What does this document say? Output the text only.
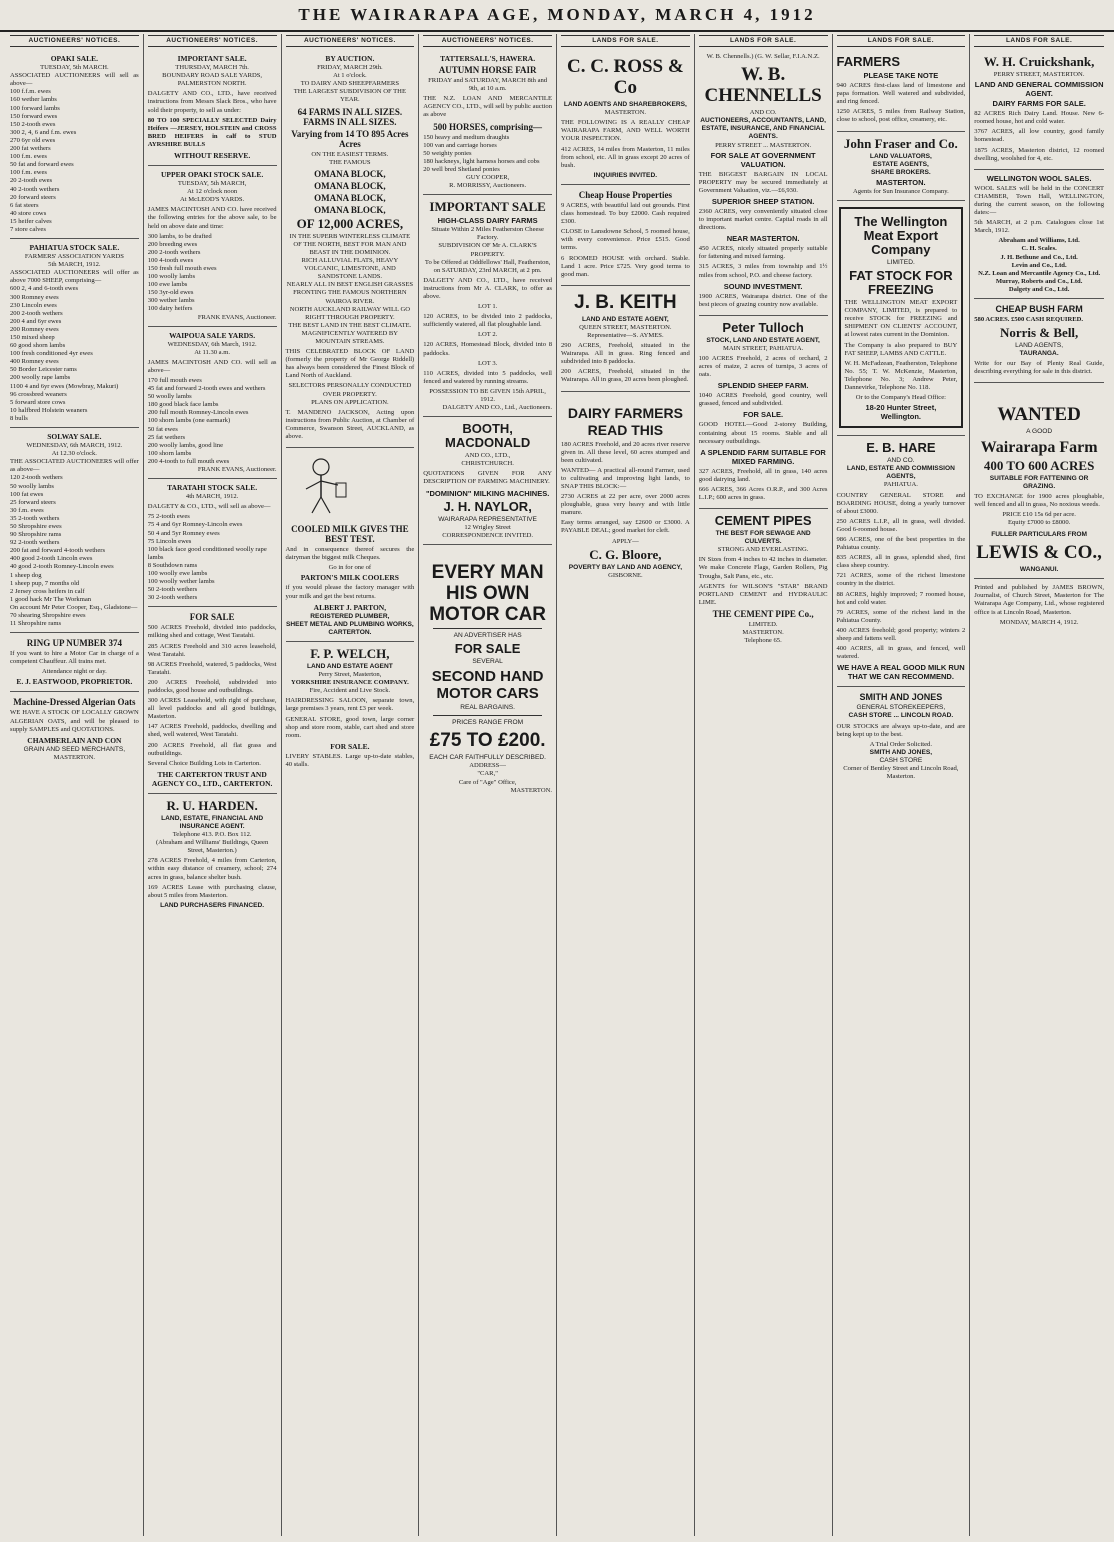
THE WAIRARAPA AGE, MONDAY, MARCH 4, 1912
AUCTIONEERS' NOTICES.
OPAKI SALE.
TUESDAY, 5th MARCH.
ASSOCIATED AUCTIONEERS will sell as above—
100 f.f.m. ewes
160 wether lambs
100 forward lambs
150 forward ewes
150 2-tooth ewes
300 2, 4, 6 and f.m. ewes
270 6yr old ewes
200 fat wethers
100 f.m. ewes
50 fat and forward ewes
100 f.m. ewes
20 2-tooth ewes
40 2-tooth wethers
20 forward steers
6 fat steers
40 store cows
15 heifer calves
7 store calves
PAHIATUA STOCK SALE.
FARMERS' ASSOCIATION YARDS
5th MARCH, 1912.
ASSOCIATED AUCTIONEERS will offer as above 7000 SHEEP, comprising—
600 2, 4 and 6-tooth ewes
300 Romney ewes
230 Lincoln ewes
200 2-tooth wethers
200 4 and 6yr ewes
200 Romney ewes
150 mixed sheep
60 good shorn lambs
100 fresh conditioned 4yr ewes
400 Romney ewes
50 Border Leicester rams
200 woolly rape lambs
1100 4 and 6yr ewes (Mowbray, Makuri)
96 crossbred weaners
5 forward store cows
10 halfbred Holstein weaners
8 bulls
SOLWAY SALE.
WEDNESDAY, 6th MARCH, 1912.
At 12.30 o'clock.
THE ASSOCIATED AUCTIONEERS will offer as above—
120 2-tooth wethers
50 woolly lambs
100 fat ewes
25 forward steers
30 f.m. ewes
35 2-tooth wethers
50 Shropshire ewes
90 Shropshire rams
92 2-tooth wethers
200 fat and forward 4-tooth wethers
400 good 2-tooth Lincoln ewes
40 good 2-tooth Romney-Lincoln ewes
1 sheep dog
1 sheep pup, 7 months old
2 Jersey cross heifers in calf
1 good hack Mr The Workman
On account Mr Peter Cooper, Esq., Gladstone—
70 shearing Shropshire ewes
11 Shropshire rams
RING UP NUMBER 374
If you want to hire a Motor Car in charge of a competent Chauffeur. All trains met.
Attendance night or day.
E. J. EASTWOOD, PROPRIETOR.
Machine-Dressed Algerian Oats
WE HAVE A STOCK OF LOCALLY GROWN ALGERIAN OATS, and will be pleased to supply SAMPLES and QUOTATIONS.
CHAMBERLAIN AND CON
GRAIN AND SEED MERCHANTS,
MASTERTON.
AUCTIONEERS' NOTICES.
IMPORTANT SALE.
THURSDAY, MARCH 7th.
BOUNDARY ROAD SALE YARDS, PALMERSTON NORTH.
DALGETY AND CO., LTD., have received instructions from Messrs Slack Bros., who have sold their property, to sell as under:
80 TO 100 SPECIALLY SELECTED Dairy Heifers —JERSEY, HOLSTEIN and CROSS BRED HEIFERS in calf to STUD AYRSHIRE BULLS
WITHOUT RESERVE.
UPPER OPAKI STOCK SALE.
TUESDAY, 5th MARCH,
At 12 o'clock noon
At McLEOD'S YARDS.
JAMES MACINTOSH AND CO. have received the following entries for the above sale, to be held on above date and time:
300 lambs, to be drafted
200 breeding ewes
200 2-tooth wethers
100 4-tooth ewes
150 fresh full mouth ewes
100 woolly lambs
100 ewe lambs
150 3yr-old ewes
300 wether lambs
100 dairy heifers
FRANK EVANS, Auctioneer.
WAIPOUA SALE YARDS.
WEDNESDAY, 6th March, 1912.
At 11.30 a.m.
JAMES MACINTOSH AND CO. will sell as above—
170 full mouth ewes
45 fat and forward 2-tooth ewes and wethers
50 woolly lambs
180 good black face lambs
200 full mouth Romney-Lincoln ewes
100 shorn lambs (one earmark)
50 fat ewes
25 fat wethers
200 woolly lambs, good line
100 shorn lambs
200 4-tooth to full mouth ewes
FRANK EVANS, Auctioneer.
TARATAHI STOCK SALE.
4th MARCH, 1912.
DALGETY & CO., LTD., will sell as above—
75 2-tooth ewes
75 4 and 6yr Romney-Lincoln ewes
50 4 and 5yr Romney ewes
75 Lincoln ewes
100 black face good conditioned woolly rape lambs
8 Southdown rams
100 woolly ewe lambs
100 woolly wether lambs
50 2-tooth wethers
30 2-tooth wethers
FOR SALE
500 ACRES Freehold, divided into paddocks, milking shed and cottage, West Taratahi.
285 ACRES Freehold and 310 acres leasehold, West Taratahi.
98 ACRES Freehold, watered, 5 paddocks, West Taratahi.
200 ACRES Freehold, subdivided into paddocks, good house and outbuildings.
300 ACRES Leasehold, with right of purchase, all level paddocks and all good buildings, Masterton.
147 ACRES Freehold, paddocks, dwelling and shed, well watered, West Taratahi.
200 ACRES Freehold, all flat grass and outbuildings.
Several Choice Building Lots in Carterton.
THE CARTERTON TRUST AND AGENCY CO., LTD., CARTERTON.
R. U. HARDEN.
LAND, ESTATE, FINANCIAL AND INSURANCE AGENT.
Telephone 413. P.O. Box 112.
(Abraham and Williams' Buildings, Queen Street, Masterton.)
278 ACRES Freehold, 4 miles from Carterton, within easy distance of creamery, school; 274 acres in grass, balance shelter bush.
169 ACRES Lease with purchasing clause, about 5 miles from Masterton.
LAND PURCHASERS FINANCED.
AUCTIONEERS' NOTICES.
BY AUCTION.
FRIDAY, MARCH 29th.
At 1 o'clock.
TO DAIRY AND SHEEPFARMERS
THE LARGEST SUBDIVISION OF THE YEAR.
64 FARMS IN ALL SIZES. FARMS IN ALL SIZES.
Varying from 14 TO 895 Acres Acres
ON THE EASIEST TERMS.
THE FAMOUS
OMANA BLOCK,
OMANA BLOCK,
OMANA BLOCK,
OMANA BLOCK,
OF 12,000 ACRES,
IN THE SUPERB WINTERLESS CLIMATE OF THE NORTH, BEST FOR MAN AND BEAST IN THE DOMINION.
RICH ALLUVIAL FLATS, HEAVY VOLCANIC, LIMESTONE, AND SANDSTONE LANDS.
NEARLY ALL IN BEST ENGLISH GRASSES
FRONTING THE FAMOUS NORTHERN WAIROA RIVER.
NORTH AUCKLAND RAILWAY WILL GO RIGHT THROUGH PROPERTY.
THE BEST LAND IN THE BEST CLIMATE.
MAGNIFICENTLY WATERED BY MOUNTAIN STREAMS.
THIS CELEBRATED BLOCK OF LAND (formerly the property of Mr George Riddell) has always been considered the Finest Block of Land North of Auckland.
SELECTORS PERSONALLY CONDUCTED OVER PROPERTY.
PLANS ON APPLICATION.
T. MANDENO JACKSON, Acting upon instructions from Public Auction, at Chamber of Commerce, Swanson Street, AUCKLAND, as above.
COOLED MILK GIVES THE BEST TEST.
And in consequence thereof secures the dairyman the biggest milk Cheques.
Go in for one of
PARTON'S MILK COOLERS
if you would please the factory manager with your milk and get the best returns.
ALBERT J. PARTON,
REGISTERED PLUMBER,
SHEET METAL AND PLUMBING WORKS, CARTERTON.
F. P. WELCH,
LAND AND ESTATE AGENT
Perry Street, Masterton,
YORKSHIRE INSURANCE COMPANY.
Fire, Accident and Live Stock.
HAIRDRESSING SALOON, separate town, large premises 3 years, rent £3 per week.
GENERAL STORE, good town, large corner shop and store room, stable, cart shed and store room.
FOR SALE.
LIVERY STABLES. Large up-to-date stables, 40 stalls.
AUCTIONEERS' NOTICES.
TATTERSALL'S, HAWERA.
AUTUMN HORSE FAIR
FRIDAY and SATURDAY, MARCH 8th and 9th, at 10 a.m.
THE N.Z. LOAN AND MERCANTILE AGENCY CO., LTD., will sell by public auction as above
500 HORSES, comprising—
150 heavy and medium draughts
100 van and carriage horses
50 weighty ponies
180 hackneys, light harness horses and cobs
20 well bred Shetland ponies
GUY COOPER,
R. MORRISSY, Auctioneers.
IMPORTANT SALE
HIGH-CLASS DAIRY FARMS
Situate Within 2 Miles Featherston Cheese Factory.
SUBDIVISION OF Mr A. CLARK'S PROPERTY.
To be Offered at Oddfellows' Hall, Featherston, on SATURDAY, 23rd MARCH, at 2 pm.
DALGETY AND CO., LTD., have received instructions from Mr A. CLARK, to offer as above.
LOT 1.
120 ACRES, to be divided into 2 paddocks, sufficiently watered, all flat ploughable land.
LOT 2.
120 ACRES, Homestead Block, divided into 8 paddocks.
LOT 3.
110 ACRES, divided into 5 paddocks, well fenced and watered by running streams.
POSSESSION TO BE GIVEN 15th APRIL, 1912.
DALGETY AND CO., Ltd., Auctioneers.
BOOTH, MACDONALD
AND CO., LTD.,
CHRISTCHURCH.
QUOTATIONS GIVEN FOR ANY DESCRIPTION OF FARMING MACHINERY.
"DOMINION" MILKING MACHINES.
J. H. NAYLOR,
WAIRARAPA REPRESENTATIVE
12 Wrigley Street
CORRESPONDENCE INVITED.
EVERY MAN HIS OWN MOTOR CAR
AN ADVERTISER HAS
FOR SALE
SEVERAL
SECOND HAND MOTOR CARS
REAL BARGAINS.
PRICES RANGE FROM
£75 TO £200.
EACH CAR FAITHFULLY DESCRIBED.
ADDRESS—
"CAR,"
Care of "Age" Office,
MASTERTON.
LANDS FOR SALE.
C. C. ROSS & Co
LAND AGENTS AND SHAREBROKERS,
MASTERTON.
THE FOLLOWING IS A REALLY CHEAP WAIRARAPA FARM, AND WELL WORTH YOUR INSPECTION.
412 ACRES, 14 miles from Masterton, 11 miles from school, etc. All in grass except 20 acres of bush.
INQUIRIES INVITED.
Cheap House Properties
9 ACRES, with beautiful laid out grounds. First class homestead. To buy £2000. Cash required £300.
CLOSE to Lansdowne School, 5 roomed house, with every convenience. Price £515. Good terms.
6 ROOMED HOUSE with orchard. Stable. Land 1 acre. Price £725. Very good terms to good man.
J. B. KEITH
LAND AND ESTATE AGENT,
QUEEN STREET, MASTERTON.
Representative—S. AYMES.
290 ACRES, Freehold, situated in the Wairarapa. All in grass. Ring fenced and subdivided into 8 paddocks.
200 ACRES, Freehold, situated in the Wairarapa. All in grass, 20 acres been ploughed.
DAIRY FARMERS READ THIS
180 ACRES Freehold, and 20 acres river reserve given in. All these level, 60 acres stumped and been cultivated.
WANTED— A practical all-round Farmer, used to cultivating and improving light lands, to SNAP THIS BLOCK:—
2730 ACRES at 22 per acre, over 2000 acres ploughable, grass very heavy and with little manure.
Easy terms arranged, say £2600 or £3000. A PAYABLE DEAL; good market for cleft.
APPLY—
C. G. Bloore,
POVERTY BAY LAND AND AGENCY,
GISBORNE.
LANDS FOR SALE.
W. B. Chennells.) (G. W. Sellar, F.I.A.N.Z.
W. B. CHENNELLS
AND CO.
AUCTIONEERS, ACCOUNTANTS, LAND, ESTATE, INSURANCE, AND FINANCIAL AGENTS.
PERRY STREET ... MASTERTON.
FOR SALE AT GOVERNMENT VALUATION.
THE BIGGEST BARGAIN IN LOCAL PROPERTY may be secured immediately at Government Valuation, viz.—£6,930.
SUPERIOR SHEEP STATION.
2360 ACRES, very conveniently situated close to important market centre. Capital roads in all directions.
NEAR MASTERTON.
450 ACRES, nicely situated properly suitable for fattening and mixed farming.
315 ACRES, 3 miles from township and 1½ miles from school, P.O. and cheese factory.
SOUND INVESTMENT.
1900 ACRES, Wairarapa district. One of the best pieces of grazing country now available.
Peter Tulloch
STOCK, LAND AND ESTATE AGENT,
MAIN STREET, PAHIATUA.
100 ACRES Freehold, 2 acres of orchard, 2 acres of maize, 2 acres of turnips, 3 acres of oats.
SPLENDID SHEEP FARM.
1040 ACRES Freehold, good country, well grassed, fenced and subdivided.
FOR SALE.
GOOD HOTEL—Good 2-storey Building, containing about 15 rooms. Stable and all necessary outbuildings.
A SPLENDID FARM SUITABLE FOR MIXED FARMING.
327 ACRES, Freehold, all in grass, 140 acres good dairying land.
666 ACRES, 366 Acres O.R.P., and 300 Acres L.I.P.; 600 acres in grass.
CEMENT PIPES
THE BEST FOR SEWAGE AND CULVERTS.
STRONG AND EVERLASTING.
IN Sizes from 4 inches to 42 inches in diameter. We make Concrete Flags, Garden Rollers, Pig Troughs, Salt Pans, etc., etc.
AGENTS for WILSON'S "STAR" BRAND PORTLAND CEMENT and HYDRAULIC LIME.
THE CEMENT PIPE Co.,
LIMITED.
MASTERTON.
Telephone 65.
LANDS FOR SALE.
FARMERS
PLEASE TAKE NOTE
940 ACRES first-class land of limestone and papa formation. Well watered and subdivided, and ring fenced.
1250 ACRES, 5 miles from Railway Station, close to school, post office, creamery, etc.
John Fraser and Co.
LAND VALUATORS,
ESTATE AGENTS,
SHARE BROKERS.
MASTERTON.
Agents for Sun Insurance Company.
The Wellington Meat Export Company
LIMITED.
FAT STOCK FOR FREEZING
THE WELLINGTON MEAT EXPORT COMPANY, LIMITED, is prepared to receive STOCK for FREEZING and SHIPMENT ON CLIENTS' ACCOUNT, at lowest rates current in the Dominion.
The Company is also prepared to BUY FAT SHEEP, LAMBS AND CATTLE.
W. H. McFadzean, Featherston, Telephone No. 55; T. W. McKenzie, Masterton, Telephone No. 3; Andrew Peter, Dannevirke, Telephone No. 118.
Or to the Company's Head Office:
18-20 Hunter Street, Wellington.
E. B. HARE
AND CO.
LAND, ESTATE AND COMMISSION AGENTS,
PAHIATUA.
COUNTRY GENERAL STORE and BOARDING HOUSE, doing a yearly turnover of about £3000.
250 ACRES L.I.P., all in grass, well divided. Good 6-roomed house.
986 ACRES, one of the best properties in the Pahiatua county.
835 ACRES, all in grass, splendid shed, first class sheep country.
721 ACRES, some of the richest limestone country in the district.
88 ACRES, highly improved; 7 roomed house, hot and cold water.
79 ACRES, some of the richest land in the Pahiatua County.
400 ACRES freehold; good property; winters 2 sheep and fattens well.
400 ACRES, all in grass, and fenced, well watered.
WE HAVE A REAL GOOD MILK RUN THAT WE CAN RECOMMEND.
SMITH AND JONES
GENERAL STOREKEEPERS,
CASH STORE ... LINCOLN ROAD.
OUR STOCKS are always up-to-date, and are being kept up to the best.
A Trial Order Solicited.
SMITH AND JONES,
CASH STORE
Corner of Bentley Street and Lincoln Road, Masterton.
LANDS FOR SALE.
W. H. Cruickshank,
PERRY STREET, MASTERTON.
LAND AND GENERAL COMMISSION AGENT.
DAIRY FARMS FOR SALE.
82 ACRES Rich Dairy Land. House. New 6-roomed house, hot and cold water.
3767 ACRES, all low country, good family homestead.
1875 ACRES, Masterton district, 12 roomed dwelling, woolshed for 4, etc.
WELLINGTON WOOL SALES.
WOOL SALES will be held in the CONCERT CHAMBER, Town Hall, WELLINGTON, during the current season, on the following dates:—
5th MARCH, at 2 p.m. Catalogues close 1st March, 1912.
Abraham and Williams, Ltd.
C. H. Scales.
J. H. Bethune and Co., Ltd.
Levin and Co., Ltd.
N.Z. Loan and Mercantile Agency Co., Ltd.
Murray, Roberts and Co., Ltd.
Dalgety and Co., Ltd.
CHEAP BUSH FARM
580 ACRES. £500 CASH REQUIRED.
Norris & Bell,
LAND AGENTS,
TAURANGA.
Write for our Bay of Plenty Real Guide, describing everything for sale in this district.
WANTED
A GOOD
Wairarapa Farm
400 TO 600 ACRES
SUITABLE FOR FATTENING OR GRAZING.
TO EXCHANGE for 1900 acres ploughable, well fenced and all in grass, No noxious weeds.
PRICE £10 15s 6d per acre.
Equity £7000 to £8000.
FULLER PARTICULARS FROM
LEWIS & CO.,
WANGANUI.
Printed and published by JAMES BROWN, Journalist, of Church Street, Masterton for The Wairarapa Age Company, Ltd., whose registered office is at Lincoln Road, Masterton.
MONDAY, MARCH 4, 1912.
